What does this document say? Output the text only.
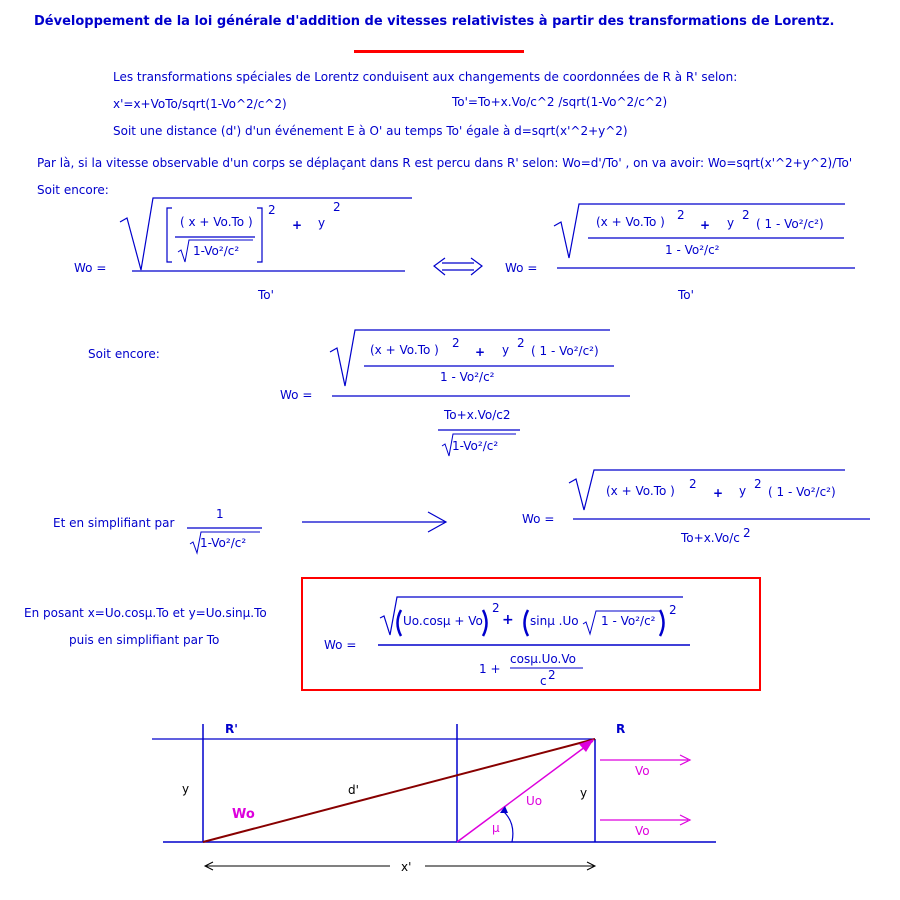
Développement de la loi générale d'addition de vitesses relativistes à partir des transformations de Lorentz.
Les transformations spéciales de Lorentz conduisent aux changements de coordonnées de R à R' selon:
x'=x+VoTo/sqrt(1-Vo^2/c^2)	To'=To+x.Vo/c^2 /sqrt(1-Vo^2/c^2)
Soit une distance (d') d'un événement E à O' au temps To' égale à d=sqrt(x'^2+y^2)
Par là, si la vitesse observable d'un corps se déplaçant dans R est percu dans R' selon: Wo=d'/To' , on va avoir: Wo=sqrt(x'^2+y^2)/To'
Soit encore:
Wo =
( x + Vo.To )
1-Vo²/c²
2
+ y
2
To'
Wo =
(x + Vo.To ) 2
+ y
2
( 1 - Vo²/c²)
1 - Vo²/c²
To'
Soit encore:
Wo =
(x + Vo.To ) 2
+ y 2
( 1 - Vo²/c²)
1 - Vo²/c²
To+x.Vo/c2
1-Vo²/c²
Et en simplifiant par
1
1-Vo²/c²
Wo =
(x + Vo.To ) 2
+ y 2
( 1 - Vo²/c²)
To+x.Vo/c 2
En posant x=Uo.cosμ.To et y=Uo.sinμ.To
puis en simplifiant par To	Wo =
Uo.cosμ + Vo
2
+ sinμ .Uo 1 - Vo²/c²
2
1 +
cosμ.Uo.Vo
c 2
R'	R
y	y
d'
Wo
Uo
μ
Vo
Vo
x'
